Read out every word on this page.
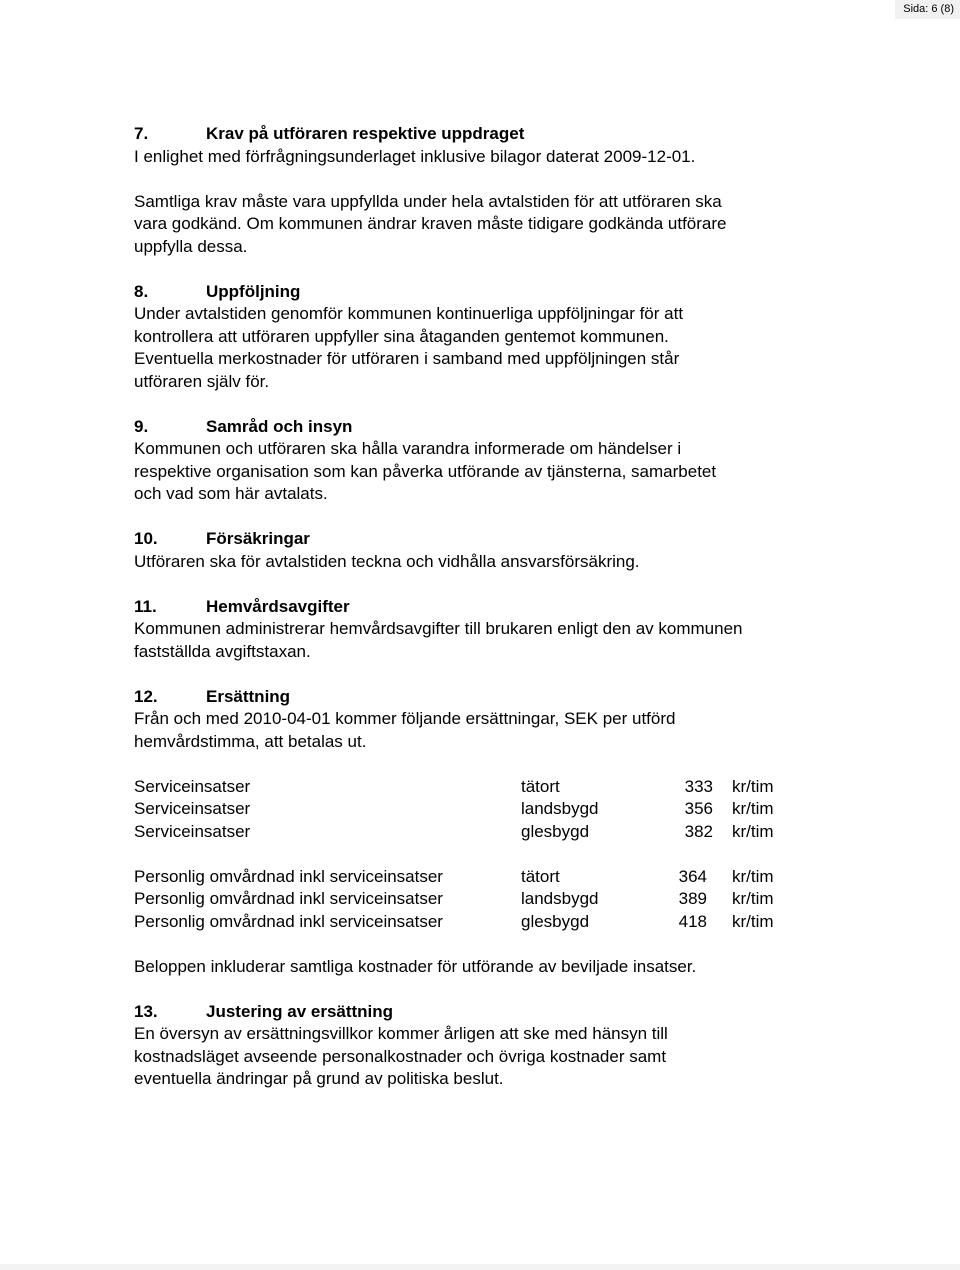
Sida: 6 (8)
7.	Krav på utföraren respektive uppdraget

I enlighet med förfrågningsunderlaget inklusive bilagor daterat 2009-12-01.

Samtliga krav måste vara uppfyllda under hela avtalstiden för att utföraren ska

vara godkänd. Om kommunen ändrar kraven måste tidigare godkända utförare

uppfylla dessa.

8.	Uppföljning

Under avtalstiden genomför kommunen kontinuerliga uppföljningar för att

kontrollera att utföraren uppfyller sina åtaganden gentemot kommunen.

Eventuella merkostnader för utföraren i samband med uppföljningen står

utföraren själv för.

9.	Samråd och insyn

Kommunen och utföraren ska hålla varandra informerade om händelser i

respektive organisation som kan påverka utförande av tjänsterna, samarbetet

och vad som här avtalats.

10.	Försäkringar

Utföraren ska för avtalstiden teckna och vidhålla ansvarsförsäkring.

11.	Hemvårdsavgifter

Kommunen administrerar hemvårdsavgifter till brukaren enligt den av kommunen

fastställda avgiftstaxan.

12.	Ersättning

Från och med 2010-04-01 kommer följande ersättningar, SEK per utförd

hemvårdstimma, att betalas ut.

Serviceinsatser	tätort	333	kr/tim
Serviceinsatser	landsbygd	356	kr/tim
Serviceinsatser	glesbygd	382	kr/tim
Personlig omvårdnad inkl serviceinsatser	tätort	364	kr/tim
Personlig omvårdnad inkl serviceinsatser	landsbygd	389	kr/tim
Personlig omvårdnad inkl serviceinsatser	glesbygd	418	kr/tim

Beloppen inkluderar samtliga kostnader för utförande av beviljade insatser.

13.	Justering av ersättning

En översyn av ersättningsvillkor kommer årligen att ske med hänsyn till

kostnadsläget avseende personalkostnader och övriga kostnader samt

eventuella ändringar på grund av politiska beslut.
